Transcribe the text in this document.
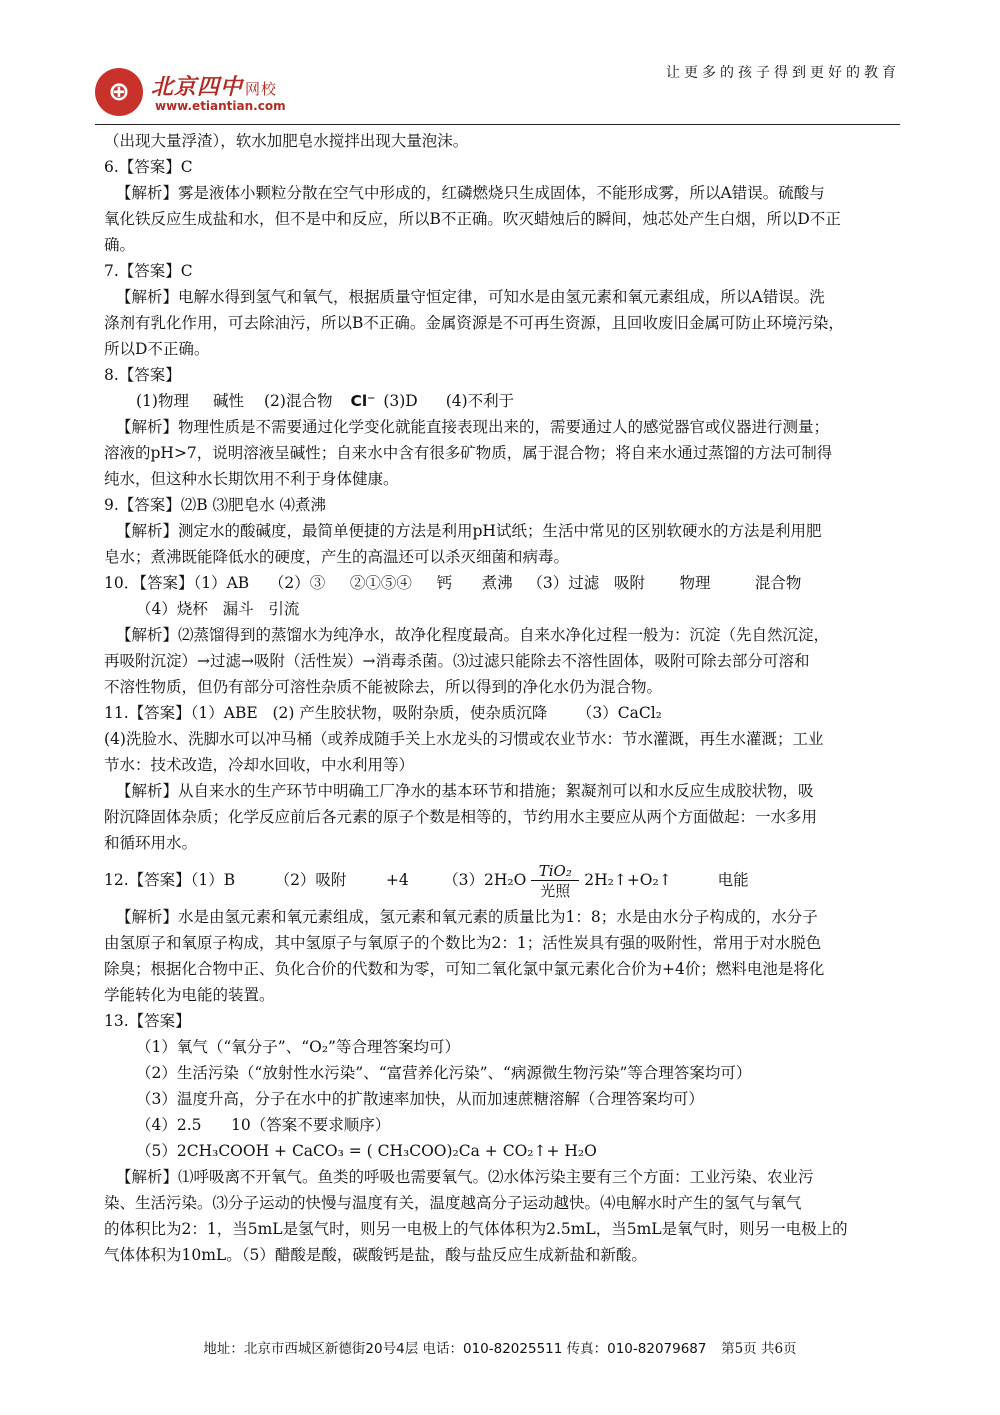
⊕ 北京四中 网校
www.etiantian.com
让更多的孩子得到更好的教育
（出现大量浮渣），软水加肥皂水搅拌出现大量泡沫。
6.【答案】C
【解析】雾是液体小颗粒分散在空气中形成的，红磷燃烧只生成固体，不能形成雾，所以A错误。硫酸与
氧化铁反应生成盐和水，但不是中和反应，所以B不正确。吹灭蜡烛后的瞬间，烛芯处产生白烟，所以D不正
确。
7.【答案】C
【解析】电解水得到氢气和氧气，根据质量守恒定律，可知水是由氢元素和氧元素组成，所以A错误。洗
涤剂有乳化作用，可去除油污，所以B不正确。金属资源是不可再生资源，且回收废旧金属可防止环境污染，
所以D不正确。
8.【答案】
(1)物理 碱性 (2)混合物 Cl⁻ (3)D (4)不利于
【解析】物理性质是不需要通过化学变化就能直接表现出来的，需要通过人的感觉器官或仪器进行测量；
溶液的pH>7，说明溶液呈碱性；自来水中含有很多矿物质，属于混合物；将自来水通过蒸馏的方法可制得
纯水，但这种水长期饮用不利于身体健康。
9.【答案】⑵B ⑶肥皂水 ⑷煮沸
【解析】测定水的酸碱度，最简单便捷的方法是利用pH试纸；生活中常见的区别软硬水的方法是利用肥
皂水；煮沸既能降低水的硬度，产生的高温还可以杀灭细菌和病毒。
10．【答案】（1）AB    （2）③     ②①⑤④     钙      煮沸   （3）过滤   吸附       物理         混合物
（4）烧杯   漏斗   引流
【解析】⑵蒸馏得到的蒸馏水为纯净水，故净化程度最高。自来水净化过程一般为：沉淀（先自然沉淀，
再吸附沉淀）→过滤→吸附（活性炭）→消毒杀菌。⑶过滤只能除去不溶性固体，吸附可除去部分可溶和
不溶性物质，但仍有部分可溶性杂质不能被除去，所以得到的净化水仍为混合物。
11.【答案】（1）ABE   (2) 产生胶状物，吸附杂质，使杂质沉降      （3）CaCl₂
(4)洗脸水、洗脚水可以冲马桶（或养成随手关上水龙头的习惯或农业节水：节水灌溉，再生水灌溉；工业
节水：技术改造，冷却水回收，中水利用等）
【解析】从自来水的生产环节中明确工厂净水的基本环节和措施；絮凝剂可以和水反应生成胶状物，吸
附沉降固体杂质；化学反应前后各元素的原子个数是相等的，节约用水主要应从两个方面做起：一水多用
和循环用水。
12.【答案】（1）B        （2）吸附        +4       $(3)2H_2O \frac{\text{TiO₂}}{\text{光照}}$ 2H₂↑+O₂↑	电能
【解析】水是由氢元素和氧元素组成，氢元素和氧元素的质量比为1：8；水是由水分子构成的，水分子
由氢原子和氧原子构成，其中氢原子与氧原子的个数比为2：1；活性炭具有强的吸附性，常用于对水脱色
除臭；根据化合物中正、负化合价的代数和为零，可知二氧化氯中氯元素化合价为+4价；燃料电池是将化
学能转化为电能的装置。
13.【答案】
（1）氧气（“氧分子”、“O₂”等合理答案均可）
（2）生活污染（“放射性水污染”、“富营养化污染”、“病源微生物污染”等合理答案均可）
（3）温度升高，分子在水中的扩散速率加快，从而加速蔗糖溶解（合理答案均可）
（4）2.5      10（答案不要求顺序）
（5）2CH₃COOH + CaCO₃ = ( CH₃COO)₂Ca + CO₂↑+ H₂O
【解析】⑴呼吸离不开氧气。鱼类的呼吸也需要氧气。⑵水体污染主要有三个方面：工业污染、农业污
染、生活污染。⑶分子运动的快慢与温度有关，温度越高分子运动越快。⑷电解水时产生的氢气与氧气
的体积比为2：1，当5mL是氢气时，则另一电极上的气体体积为2.5mL，当5mL是氧气时，则另一电极上的
气体体积为10mL。（5）醋酸是酸，碳酸钙是盐，酸与盐反应生成新盐和新酸。
地址：北京市西城区新德街20号4层 电话：010-82025511 传真：010-82079687 第5页 共6页
